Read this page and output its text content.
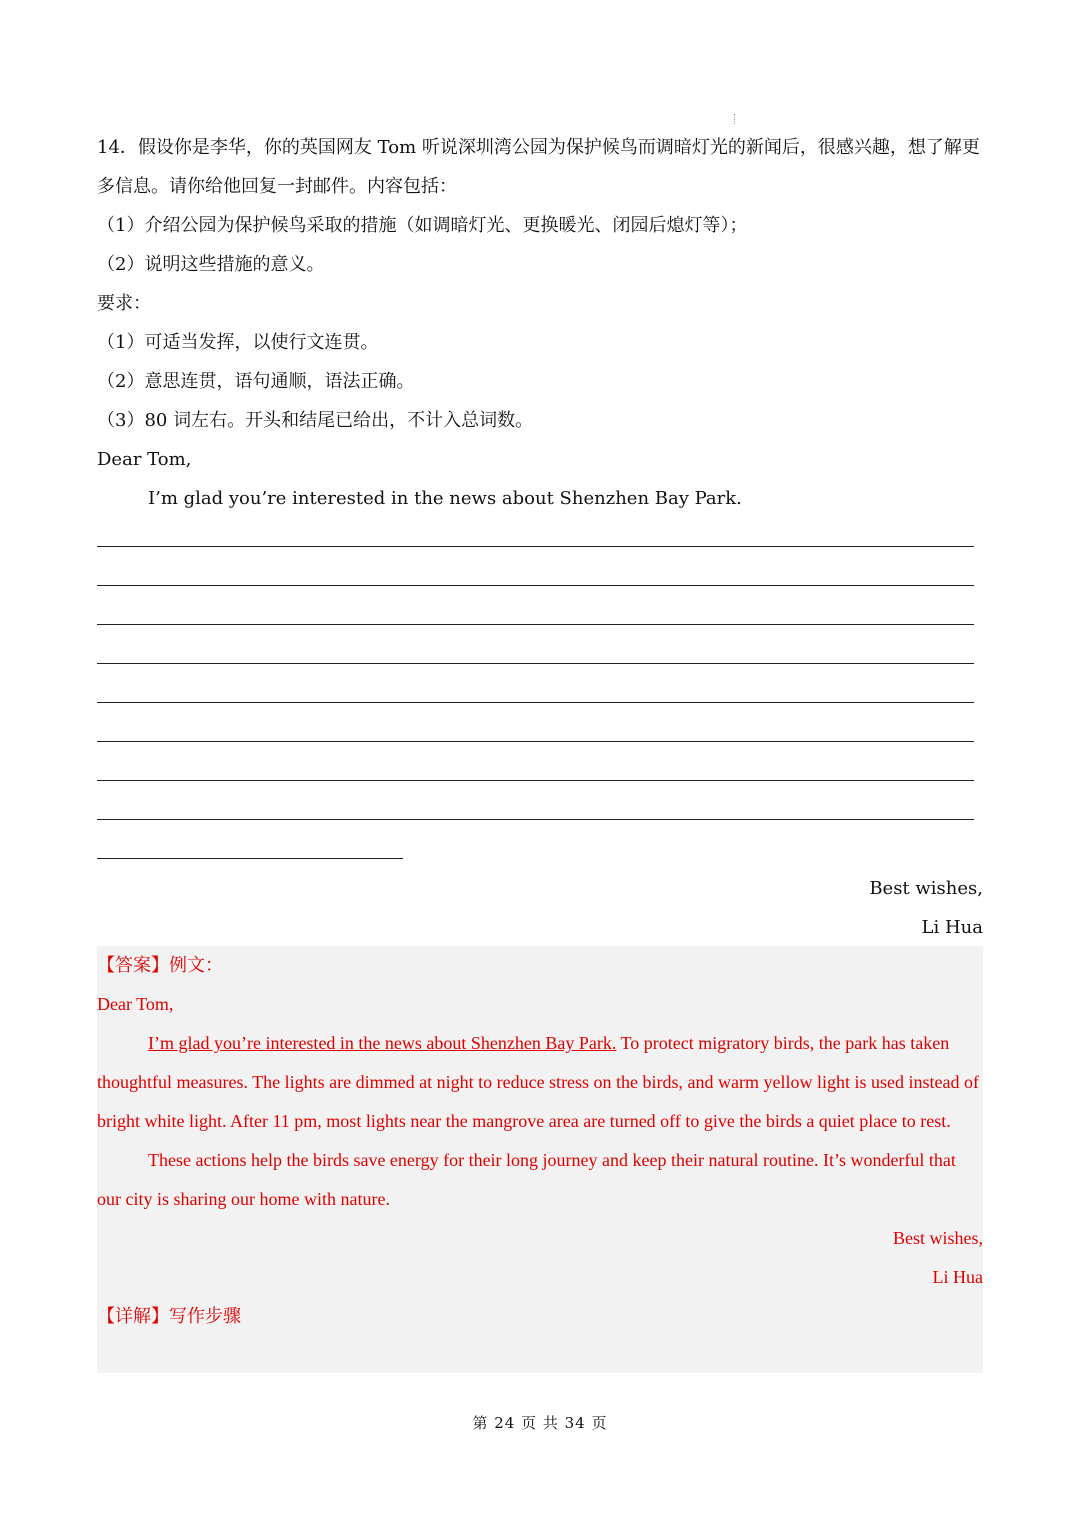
14．假设你是李华，你的英国网友 Tom 听说深圳湾公园为保护候鸟而调暗灯光的新闻后，很感兴趣，想了解更多信息。请你给他回复一封邮件。内容包括：

（1）介绍公园为保护候鸟采取的措施（如调暗灯光、更换暖光、闭园后熄灯等）；

（2）说明这些措施的意义。

要求：

（1）可适当发挥，以使行文连贯。

（2）意思连贯，语句通顺，语法正确。

（3）80 词左右。开头和结尾已给出，不计入总词数。

Dear Tom,

I’m glad you’re interested in the news about Shenzhen Bay Park.

Best wishes,
Li Hua

【答案】例文：

Dear Tom,

I’m glad you’re interested in the news about Shenzhen Bay Park. To protect migratory birds, the park has taken thoughtful measures. The lights are dimmed at night to reduce stress on the birds, and warm yellow light is used instead of bright white light. After 11 pm, most lights near the mangrove area are turned off to give the birds a quiet place to rest.

These actions help the birds save energy for their long journey and keep their natural routine. It’s wonderful that our city is sharing our home with nature.

Best wishes,

Li Hua

【详解】写作步骤

第 24 页 共 34 页
